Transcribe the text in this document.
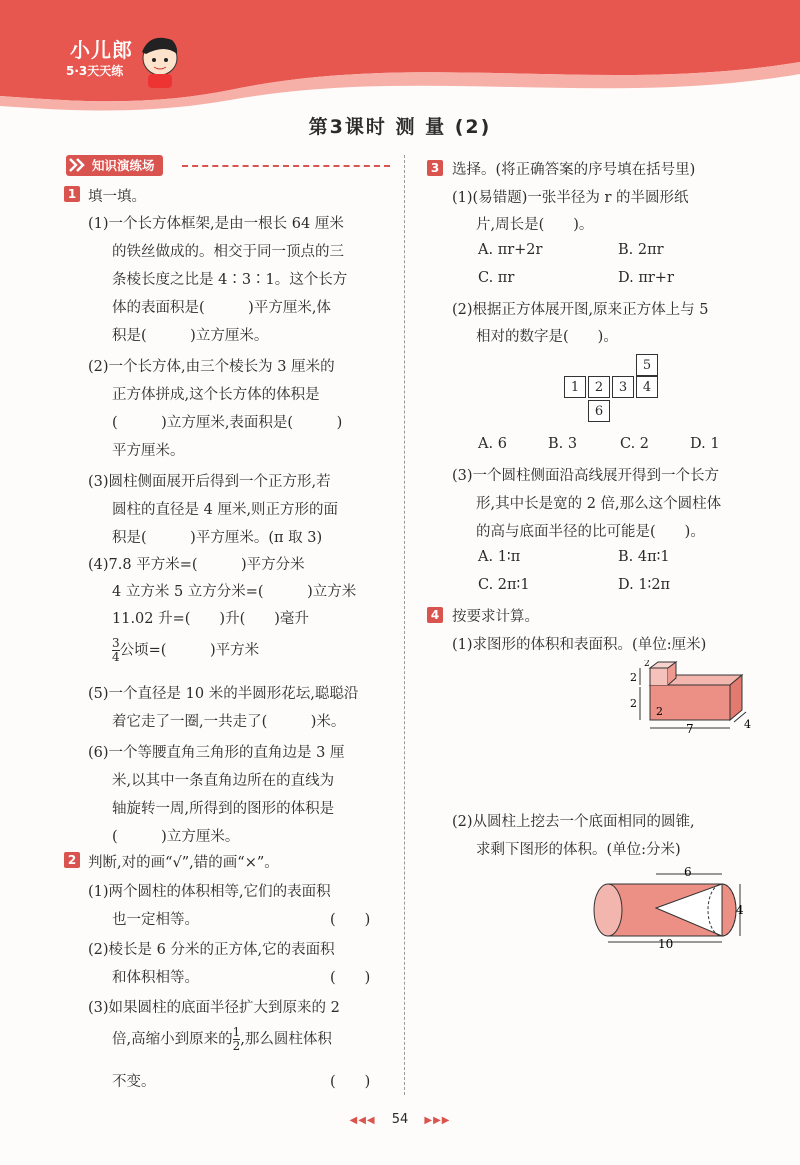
小儿郎
5·3天天练
第3课时 测 量 (2)
知识演练场
1 填一填。
(1)一个长方体框架,是由一根长 64 厘米
的铁丝做成的。相交于同一顶点的三
条棱长度之比是 4∶3∶1。这个长方
体的表面积是(　　　)平方厘米,体
积是(　　　)立方厘米。
(2)一个长方体,由三个棱长为 3 厘米的
正方体拼成,这个长方体的体积是
(　　　)立方厘米,表面积是(　　　)
平方厘米。
(3)圆柱侧面展开后得到一个正方形,若
圆柱的直径是 4 厘米,则正方形的面
积是(　　　)平方厘米。(π 取 3)
(4)7.8 平方米=(　　　)平方分米
4 立方米 5 立方分米=(　　　)立方米
11.02 升=(　　)升(　　)毫升
$\frac{3}{4}$ 公顷=(　　　)平方米
(5)一个直径是 10 米的半圆形花坛,聪聪沿
着它走了一圈,一共走了(　　　)米。
(6)一个等腰直角三角形的直角边是 3 厘
米,以其中一条直角边所在的直线为
轴旋转一周,所得到的图形的体积是
(　　　)立方厘米。
2 判断,对的画“√”,错的画“×”。
(1)两个圆柱的体积相等,它们的表面积
也一定相等。
(2)棱长是 6 分米的正方体,它的表面积
和体积相等。
(3)如果圆柱的底面半径扩大到原来的 2
倍,高缩小到原来的 $\frac{1}{2}$ ,那么圆柱体积
不变。
(　　)
(　　)
(　　)
3 选择。(将正确答案的序号填在括号里)
(1)(易错题)一张半径为 r 的半圆形纸
片,周长是(　　)。
A. πr+2r	B. 2πr
C. πr	D. πr+r
(2)根据正方体展开图,原来正方体上与 5
相对的数字是(　　)。
5
1	2	3	4
6
A. 6	B. 3	C. 2	D. 1
(3)一个圆柱侧面沿高线展开得到一个长方
形,其中长是宽的 2 倍,那么这个圆柱体
的高与底面半径的比可能是(　　)。
A. 1∶π	B. 4π∶1
C. 2π∶1	D. 1∶2π
4 按要求计算。
(1)求图形的体积和表面积。(单位:厘米)
2
2
2
2
7	4
(2)从圆柱上挖去一个底面相同的圆锥,
求剩下图形的体积。(单位:分米)
6
4
10
◀◀◀ 54 ▶▶▶
